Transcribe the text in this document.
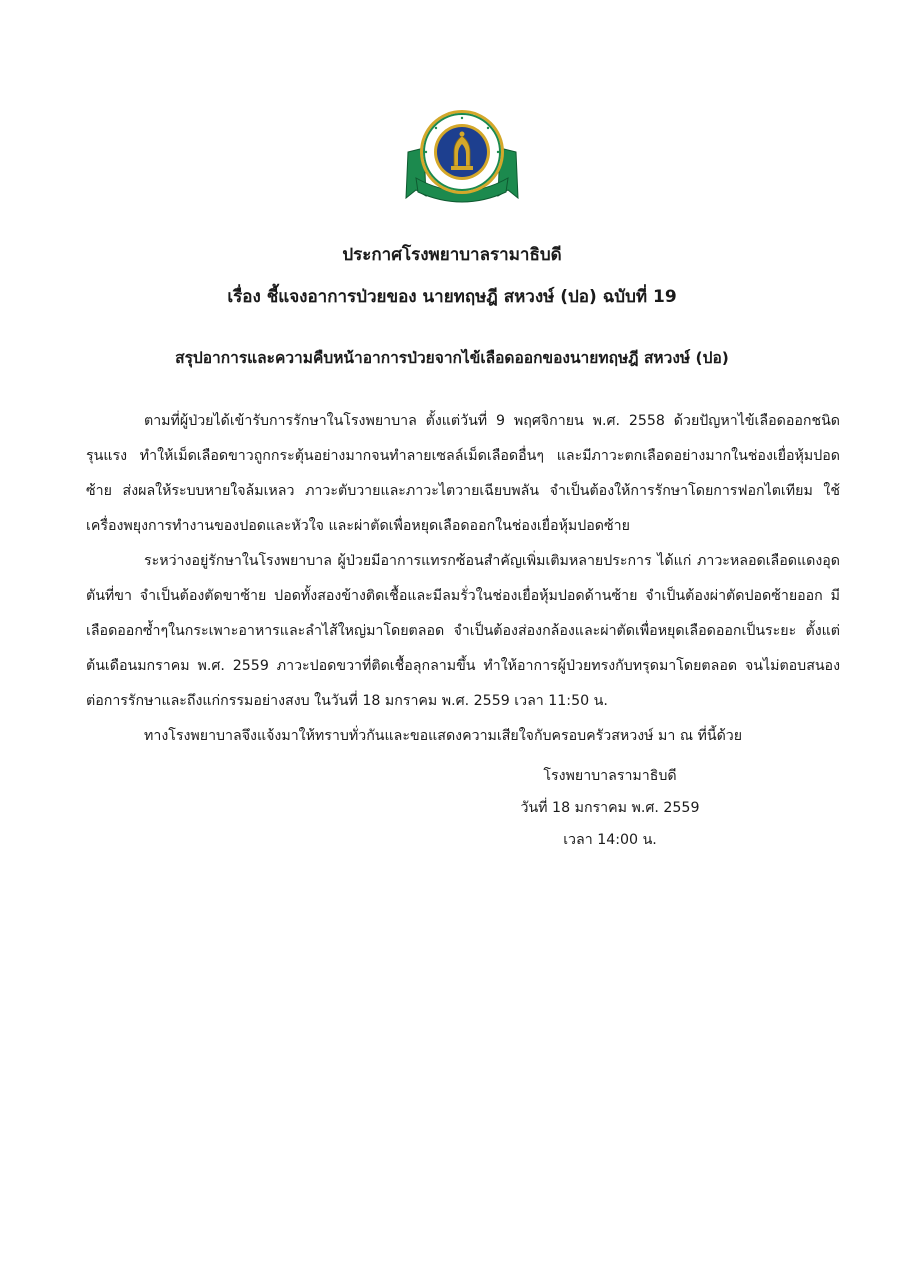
ประกาศโรงพยาบาลรามาธิบดี
เรื่อง ชี้แจงอาการป่วยของ นายทฤษฎี สหวงษ์ (ปอ) ฉบับที่ 19
สรุปอาการและความคืบหน้าอาการป่วยจากไข้เลือดออกของนายทฤษฎี สหวงษ์ (ปอ)

ตามที่ผู้ป่วยได้เข้ารับการรักษาในโรงพยาบาล ตั้งแต่วันที่ 9 พฤศจิกายน พ.ศ. 2558 ด้วยปัญหาไข้เลือดออกชนิดรุนแรง ทำให้เม็ดเลือดขาวถูกกระตุ้นอย่างมากจนทำลายเซลล์เม็ดเลือดอื่นๆ และมีภาวะตกเลือดอย่างมากในช่องเยื่อหุ้มปอดซ้าย ส่งผลให้ระบบหายใจล้มเหลว ภาวะตับวายและภาวะไตวายเฉียบพลัน จำเป็นต้องให้การรักษาโดยการฟอกไตเทียม ใช้เครื่องพยุงการทำงานของปอดและหัวใจ และผ่าตัดเพื่อหยุดเลือดออกในช่องเยื่อหุ้มปอดซ้าย

ระหว่างอยู่รักษาในโรงพยาบาล ผู้ป่วยมีอาการแทรกซ้อนสำคัญเพิ่มเติมหลายประการ ได้แก่ ภาวะหลอดเลือดแดงอุดตันที่ขา จำเป็นต้องตัดขาซ้าย ปอดทั้งสองข้างติดเชื้อและมีลมรั่วในช่องเยื่อหุ้มปอดด้านซ้าย จำเป็นต้องผ่าตัดปอดซ้ายออก มีเลือดออกซ้ำๆในกระเพาะอาหารและลำไส้ใหญ่มาโดยตลอด จำเป็นต้องส่องกล้องและผ่าตัดเพื่อหยุดเลือดออกเป็นระยะ ตั้งแต่ต้นเดือนมกราคม พ.ศ. 2559 ภาวะปอดขวาที่ติดเชื้อลุกลามขึ้น ทำให้อาการผู้ป่วยทรงกับทรุดมาโดยตลอด จนไม่ตอบสนองต่อการรักษาและถึงแก่กรรมอย่างสงบ ในวันที่ 18 มกราคม พ.ศ. 2559 เวลา 11:50 น.

ทางโรงพยาบาลจึงแจ้งมาให้ทราบทั่วกันและขอแสดงความเสียใจกับครอบครัวสหวงษ์ มา ณ ที่นี้ด้วย

โรงพยาบาลรามาธิบดี
วันที่ 18 มกราคม พ.ศ. 2559
เวลา 14:00 น.
